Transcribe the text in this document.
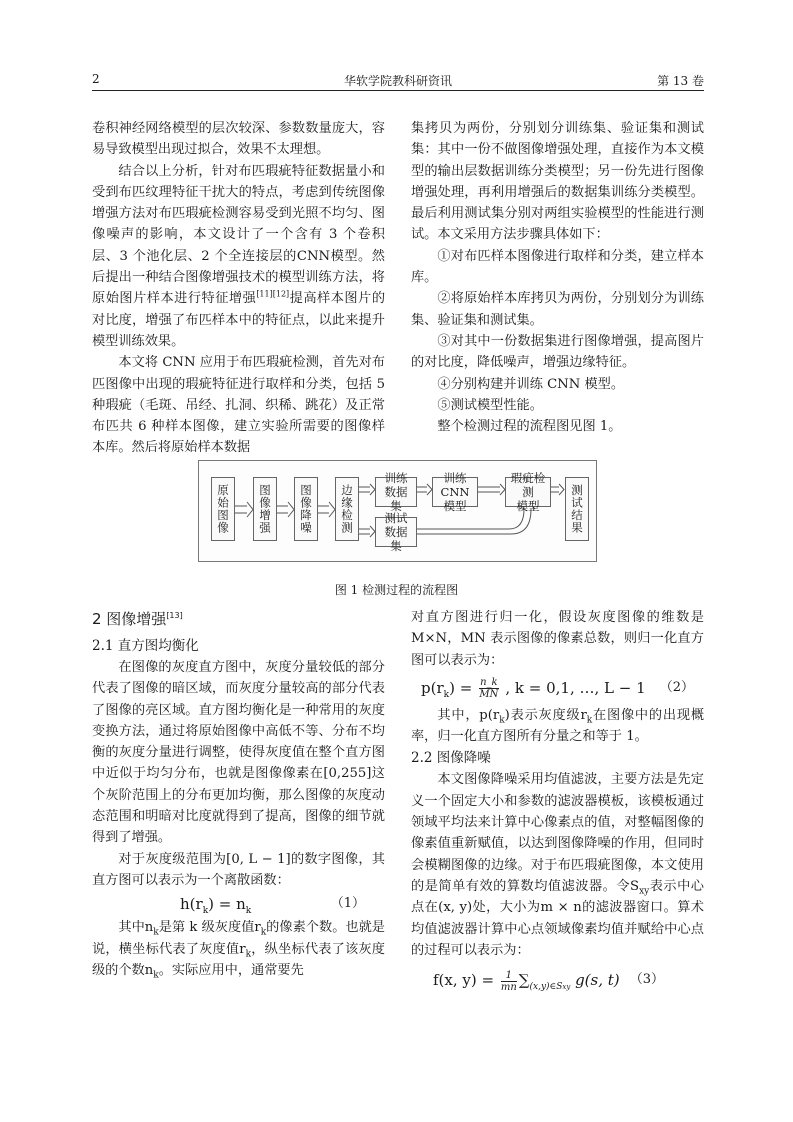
2	华软学院教科研资讯	第 13 卷

卷积神经网络模型的层次较深、参数数量庞大，容易导致模型出现过拟合，效果不太理想。

结合以上分析，针对布匹瑕疵特征数据量小和受到布匹纹理特征干扰大的特点，考虑到传统图像增强方法对布匹瑕疵检测容易受到光照不均匀、图像噪声的影响，本文设计了一个含有 3 个卷积层、3 个池化层、2 个全连接层的CNN模型。然后提出一种结合图像增强技术的模型训练方法，将原始图片样本进行特征增强[11][12]提高样本图片的对比度，增强了布匹样本中的特征点，以此来提升模型训练效果。

本文将 CNN 应用于布匹瑕疵检测，首先对布匹图像中出现的瑕疵特征进行取样和分类，包括 5 种瑕疵（毛斑、吊经、扎洞、织稀、跳花）及正常布匹共 6 种样本图像，建立实验所需要的图像样本库。然后将原始样本数据

集拷贝为两份，分别划分训练集、验证集和测试集：其中一份不做图像增强处理，直接作为本文模型的输出层数据训练分类模型；另一份先进行图像增强处理，再利用增强后的数据集训练分类模型。最后利用测试集分别对两组实验模型的性能进行测试。本文采用方法步骤具体如下：

①对布匹样本图像进行取样和分类，建立样本库。

②将原始样本库拷贝为两份，分别划分为训练集、验证集和测试集。

③对其中一份数据集进行图像增强，提高图片的对比度，降低噪声，增强边缘特征。

④分别构建并训练 CNN 模型。

⑤测试模型性能。

整个检测过程的流程图见图 1。

原始图像	图像增强	图像降噪	边缘检测
训练数据集
测试数据集
训练CNN
模型
瑕疵检测
模型	测试结果
图 1 检测过程的流程图

2 图像增强[13]

2.1 直方图均衡化

在图像的灰度直方图中，灰度分量较低的部分代表了图像的暗区域，而灰度分量较高的部分代表了图像的亮区域。直方图均衡化是一种常用的灰度变换方法，通过将原始图像中高低不等、分布不均衡的灰度分量进行调整，使得灰度值在整个直方图中近似于均匀分布，也就是图像像素在[0,255]这个灰阶范围上的分布更加均衡，那么图像的灰度动态范围和明暗对比度就得到了提高，图像的细节就得到了增强。

对于灰度级范围为[0, L − 1]的数字图像，其直方图可以表示为一个离散函数：

$h(r_k) = n_k$	（1）

其中$n_k$是第 k 级灰度值$r_k$的像素个数。也就是说，横坐标代表了灰度值$r_k$，纵坐标代表了该灰度级的个数$n_k$。实际应用中，通常要先

对直方图进行归一化，假设灰度图像的维数是M×N，MN 表示图像的像素总数，则归一化直方图可以表示为：

$p(r_k) = \frac{n\_k}{MN}$ , k = 0,1, …, L − 1 （2）

其中，$p(r_k)$表示灰度级$r_k$在图像中的出现概率，归一化直方图所有分量之和等于 1。

2.2 图像降噪

本文图像降噪采用均值滤波，主要方法是先定义一个固定大小和参数的滤波器模板，该模板通过领域平均法来计算中心像素点的值，对整幅图像的像素值重新赋值，以达到图像降噪的作用，但同时会模糊图像的边缘。对于布匹瑕疵图像，本文使用的是简单有效的算数均值滤波器。令$S_{xy}$表示中心点在(x, y)处，大小为m × n的滤波器窗口。算术均值滤波器计算中心点领域像素均值并赋给中心点的过程可以表示为：

f(x, $y) = \frac{1}{mn} \sum_{(x,y)\in Sxy}$ g(s, t) （3）
